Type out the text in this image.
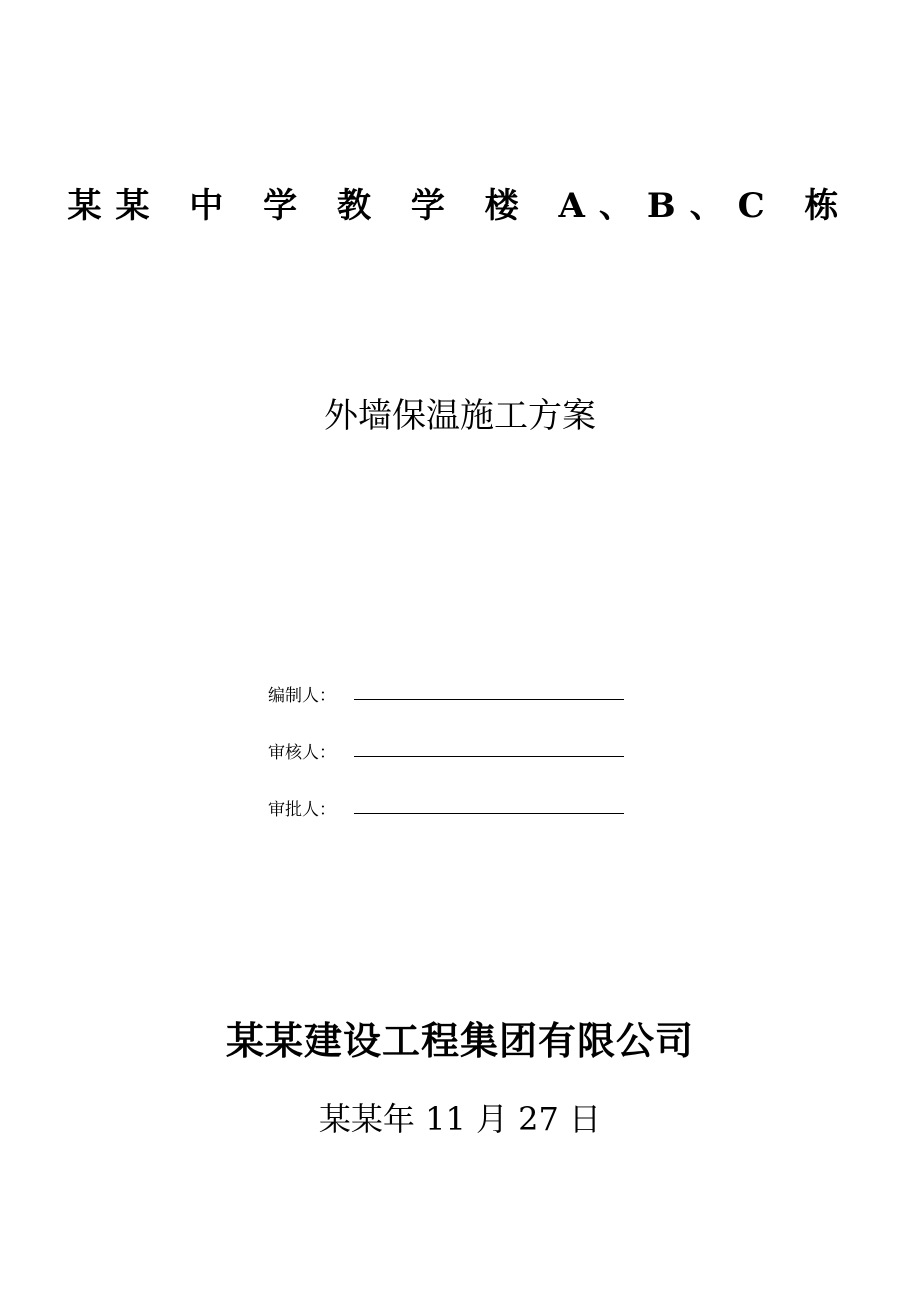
某某 中 学 教 学 楼 A、B、C 栋
外墙保温施工方案
编制人：
审核人：
审批人：
某某建设工程集团有限公司
某某年 11 月 27 日
